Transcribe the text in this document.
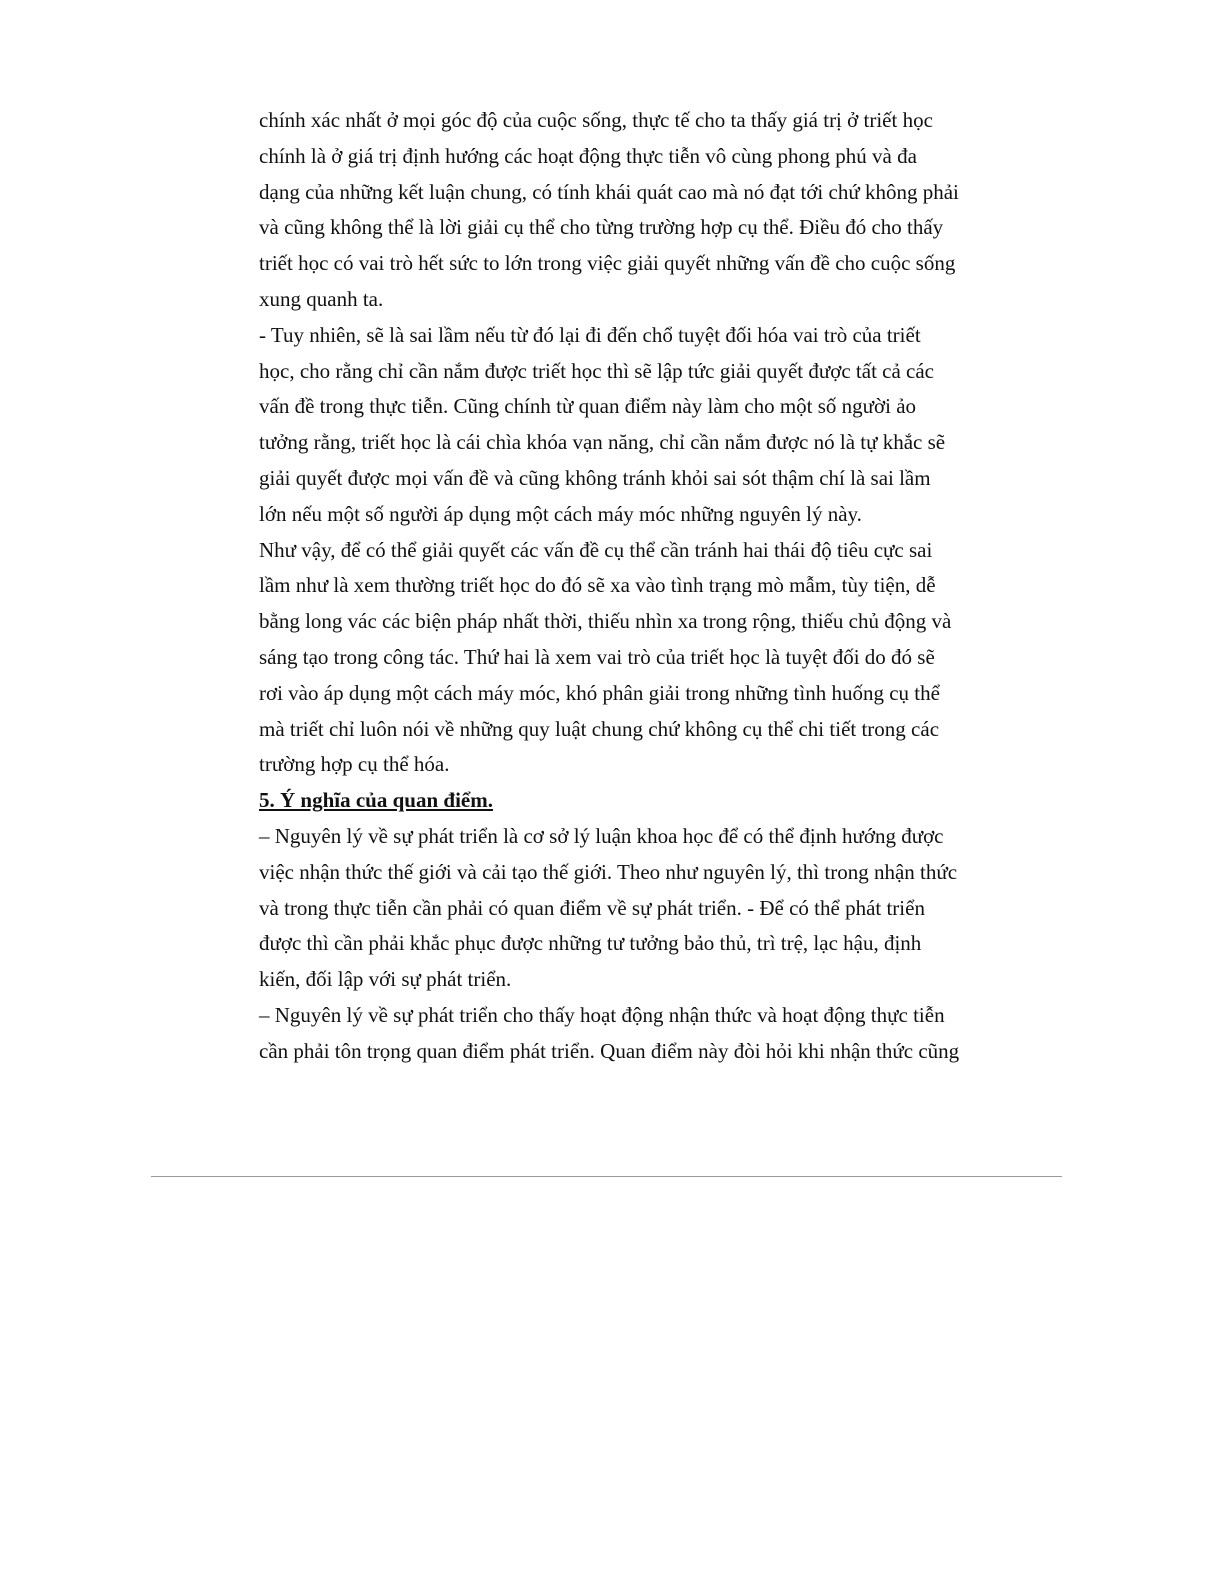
chính xác nhất ở mọi góc độ của cuộc sống, thực tế cho ta thấy giá trị ở triết học
chính là ở giá trị định hướng các hoạt động thực tiễn vô cùng phong phú và đa
dạng của những kết luận chung, có tính khái quát cao mà nó đạt tới chứ không phải
và cũng không thể là lời giải cụ thể cho từng trường hợp cụ thể. Điều đó cho thấy
triết học có vai trò hết sức to lớn trong việc giải quyết những vấn đề cho cuộc sống
xung quanh ta.
- Tuy nhiên, sẽ là sai lầm nếu từ đó lại đi đến chổ tuyệt đối hóa vai trò của triết
học, cho rằng chỉ cần nắm được triết học thì sẽ lập tức giải quyết được tất cả các
vấn đề trong thực tiễn. Cũng chính từ quan điểm này làm cho một số người ảo
tưởng rằng, triết học là cái chìa khóa vạn năng, chỉ cần nắm được nó là tự khắc sẽ
giải quyết được mọi vấn đề và cũng không tránh khỏi sai sót thậm chí là sai lầm
lớn nếu một số người áp dụng một cách máy móc những nguyên lý này.
Như vậy, để có thể giải quyết các vấn đề cụ thể cần tránh hai thái độ tiêu cực sai
lầm như là xem thường triết học do đó sẽ xa vào tình trạng mò mẫm, tùy tiện, dễ
bằng long vác các biện pháp nhất thời, thiếu nhìn xa trong rộng, thiếu chủ động và
sáng tạo trong công tác. Thứ hai là xem vai trò của triết học là tuyệt đối do đó sẽ
rơi vào áp dụng một cách máy móc, khó phân giải trong những tình huống cụ thể
mà triết chỉ luôn nói về những quy luật chung chứ không cụ thể chi tiết trong các
trường hợp cụ thể hóa.
5. Ý nghĩa của quan điểm.
– Nguyên lý về sự phát triển là cơ sở lý luận khoa học để có thể định hướng được
việc nhận thức thế giới và cải tạo thế giới. Theo như nguyên lý, thì trong nhận thức
và trong thực tiễn cần phải có quan điểm về sự phát triển. - Để có thể phát triển
được thì cần phải khắc phục được những tư tưởng bảo thủ, trì trệ, lạc hậu, định
kiến, đối lập với sự phát triển.
– Nguyên lý về sự phát triển cho thấy hoạt động nhận thức và hoạt động thực tiễn
cần phải tôn trọng quan điểm phát triển. Quan điểm này đòi hỏi khi nhận thức cũng
